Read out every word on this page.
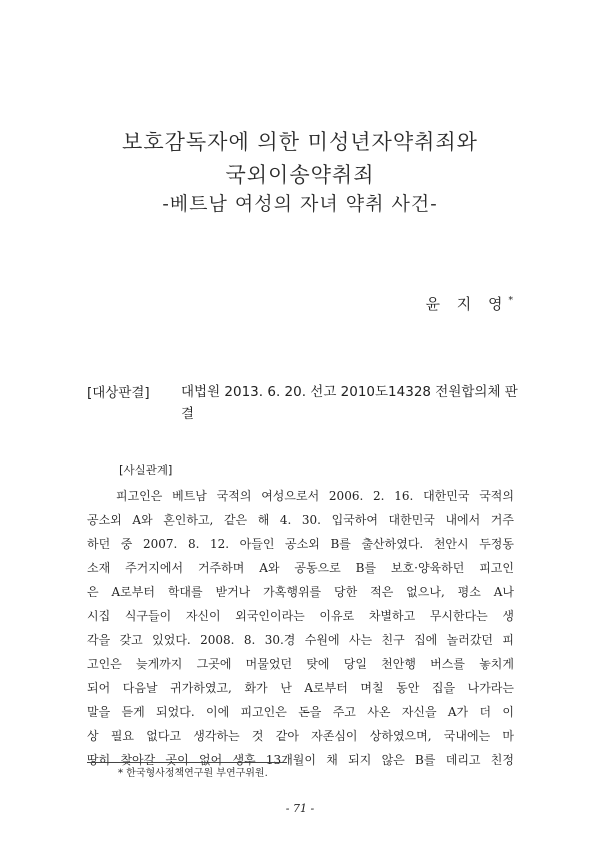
보호감독자에 의한 미성년자약취죄와
국외이송약취죄
-베트남 여성의 자녀 약취 사건-
윤 지 영*
[대상판결] 대법원 2013. 6. 20. 선고 2010도14328 전원합의체 판결
[사실관계]
피고인은 베트남 국적의 여성으로서 2006. 2. 16. 대한민국 국적의
공소외 A와 혼인하고, 같은 해 4. 30. 입국하여 대한민국 내에서 거주
하던 중 2007. 8. 12. 아들인 공소외 B를 출산하였다. 천안시 두정동
소재 주거지에서 거주하며 A와 공동으로 B를 보호·양육하던 피고인
은 A로부터 학대를 받거나 가혹행위를 당한 적은 없으나, 평소 A나
시집 식구들이 자신이 외국인이라는 이유로 차별하고 무시한다는 생
각을 갖고 있었다. 2008. 8. 30.경 수원에 사는 친구 집에 놀러갔던 피
고인은 늦게까지 그곳에 머물었던 탓에 당일 천안행 버스를 놓치게
되어 다음날 귀가하였고, 화가 난 A로부터 며칠 동안 집을 나가라는
말을 듣게 되었다. 이에 피고인은 돈을 주고 사온 자신을 A가 더 이
상 필요 없다고 생각하는 것 같아 자존심이 상하였으며, 국내에는 마
땅히 찾아갈 곳이 없어 생후 13개월이 채 되지 않은 B를 데리고 친정
* 한국형사정책연구원 부연구위원.
- 71 -
